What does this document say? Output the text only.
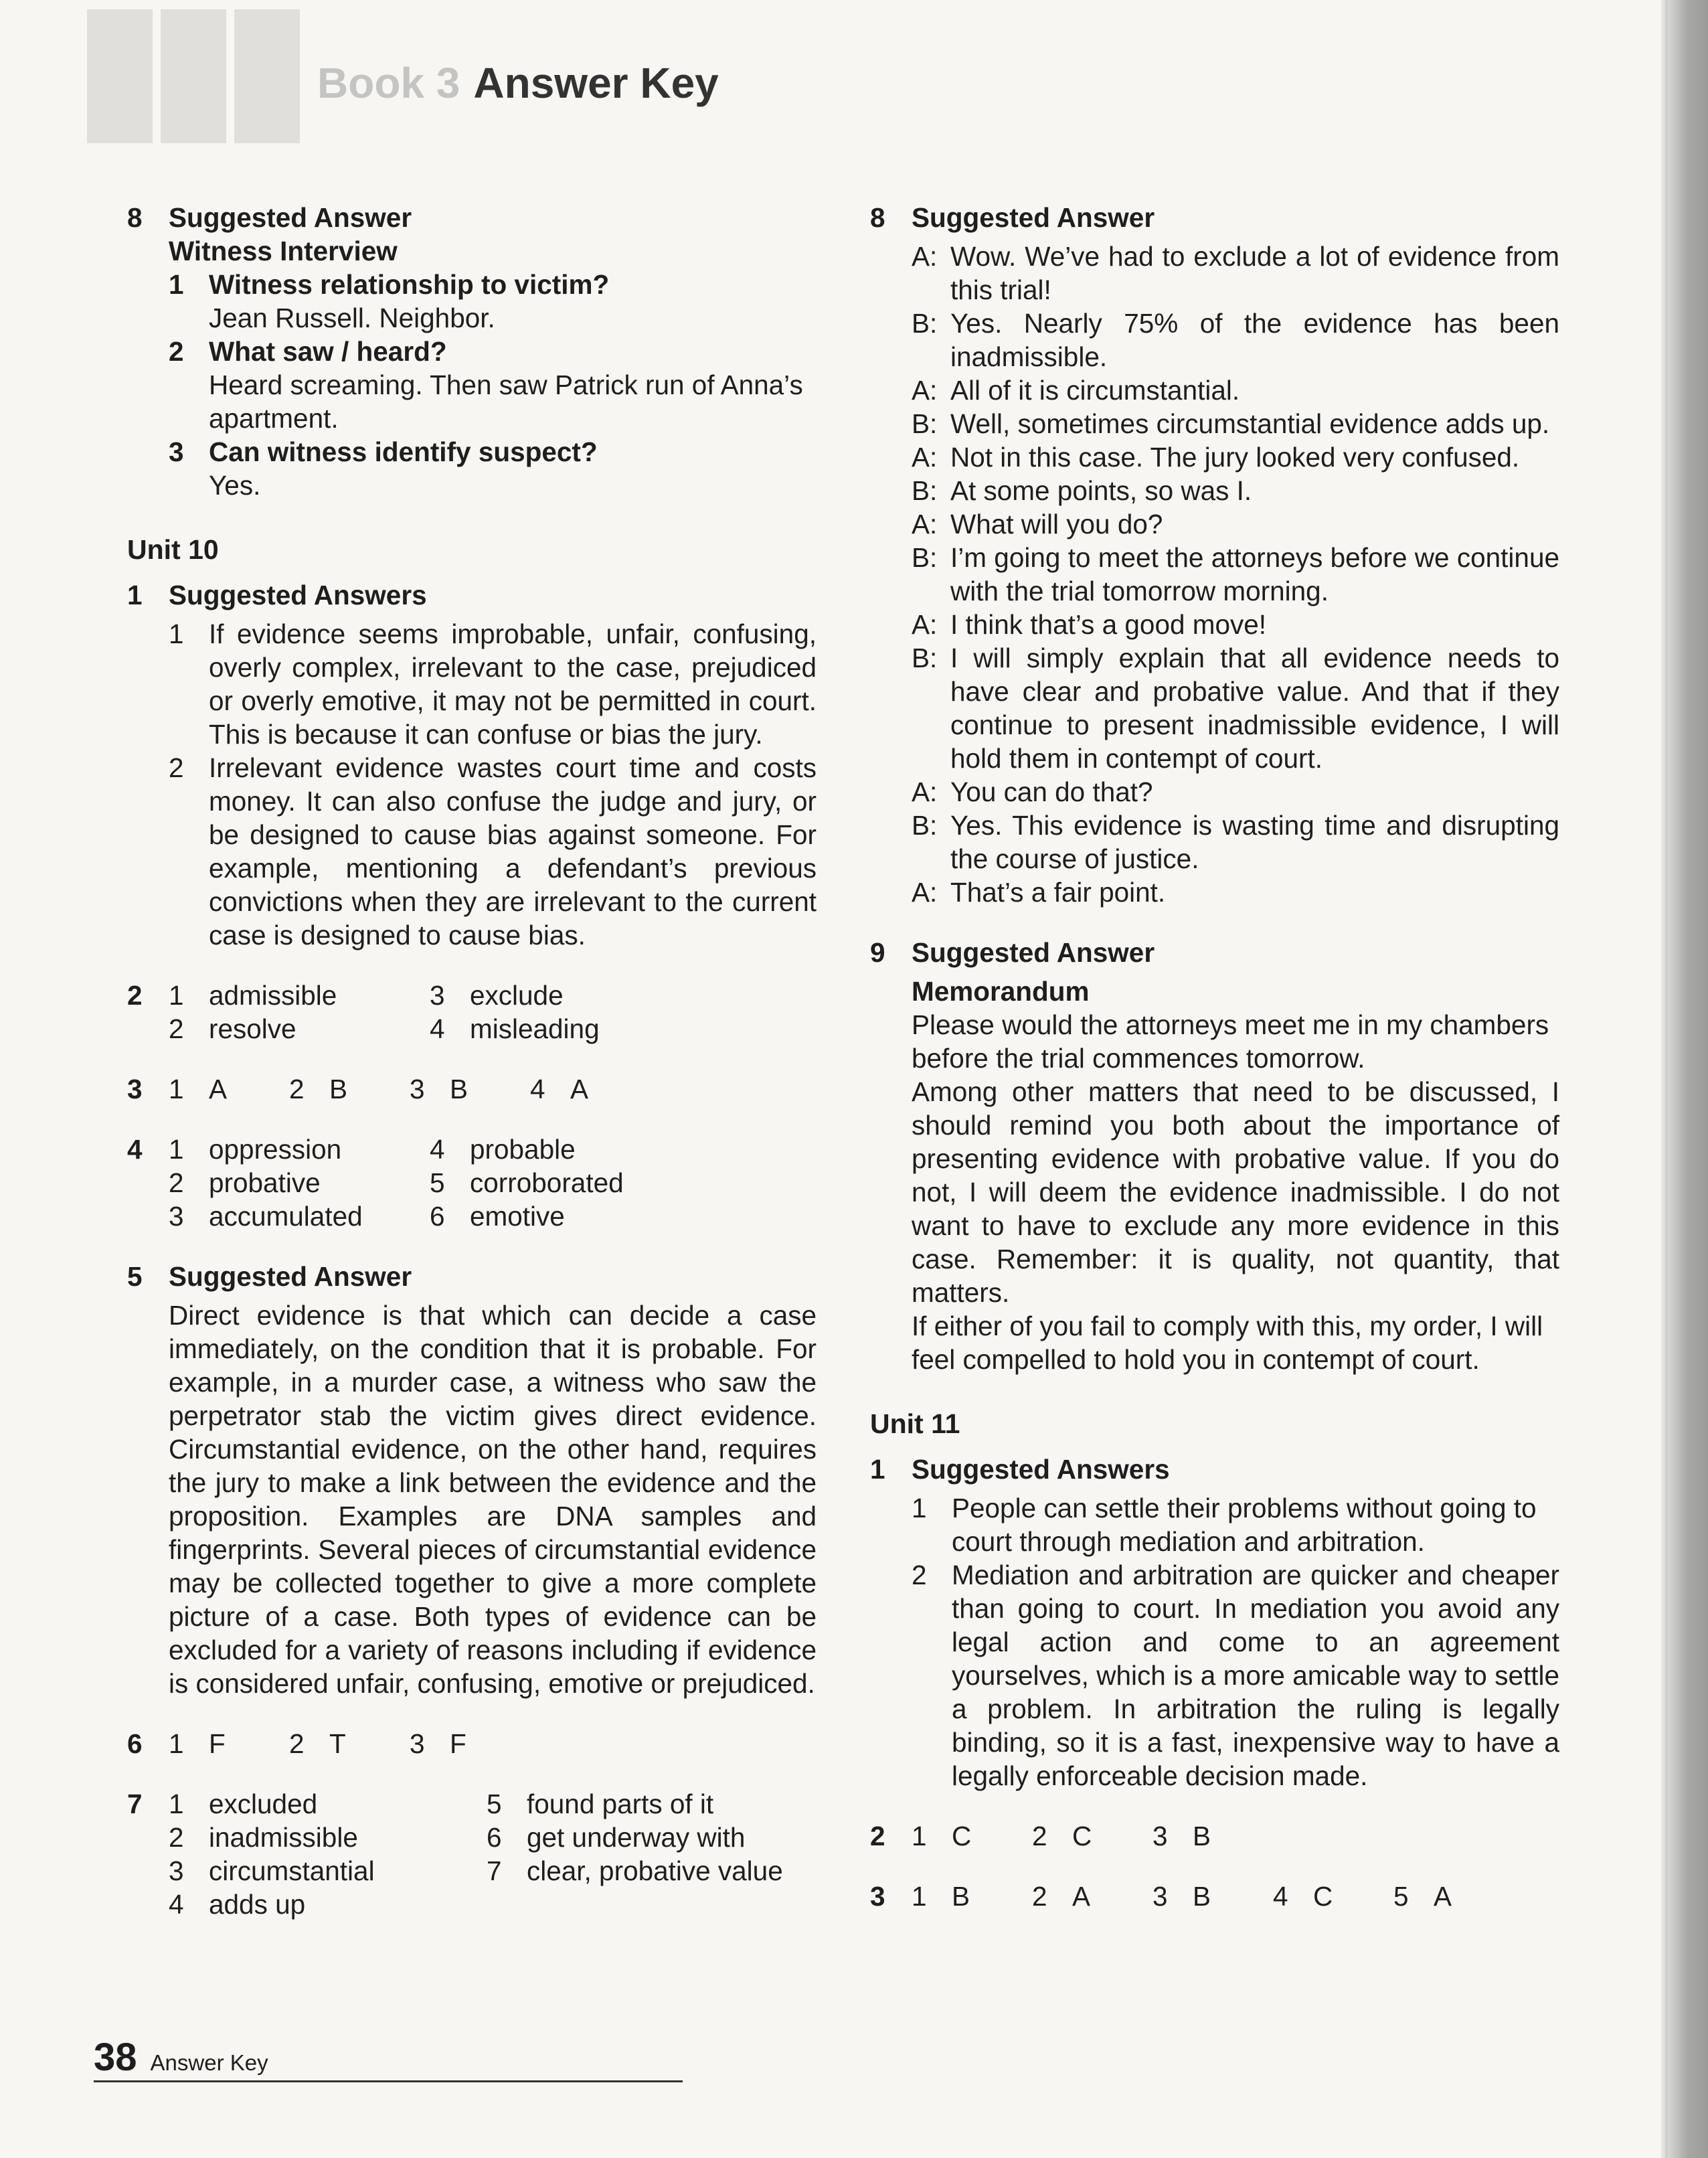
Book 3 Answer Key
8 Suggested Answer
Witness Interview
1 Witness relationship to victim?
Jean Russell. Neighbor.
2 What saw / heard?
Heard screaming. Then saw Patrick run of Anna’s apartment.
3 Can witness identify suspect?
Yes.
Unit 10
1 Suggested Answers
1 If evidence seems improbable, unfair, confusing, overly complex, irrelevant to the case, prejudiced or overly emotive, it may not be permitted in court. This is because it can confuse or bias the jury.
2 Irrelevant evidence wastes court time and costs money. It can also confuse the judge and jury, or be designed to cause bias against someone. For example, mentioning a defendant’s previous convictions when they are irrelevant to the current case is designed to cause bias.
2 1 admissible	3 exclude
2 resolve	4 misleading
3 1 A 2 B 3 B 4 A
4 1 oppression	4 probable
2 probative	5 corroborated
3 accumulated 6 emotive
5 Suggested Answer
Direct evidence is that which can decide a case immediately, on the condition that it is probable. For example, in a murder case, a witness who saw the perpetrator stab the victim gives direct evidence. Circumstantial evidence, on the other hand, requires the jury to make a link between the evidence and the proposition. Examples are DNA samples and fingerprints. Several pieces of circumstantial evidence may be collected together to give a more complete picture of a case. Both types of evidence can be excluded for a variety of reasons including if evidence is considered unfair, confusing, emotive or prejudiced.
6 1 F 2 T 3 F
7 1 excluded	5 found parts of it
2 inadmissible	6 get underway with
3 circumstantial	7 clear, probative value
4 adds up
8 Suggested Answer
A: Wow. We’ve had to exclude a lot of evidence from this trial!
B: Yes. Nearly 75% of the evidence has been inadmissible.
A: All of it is circumstantial.
B: Well, sometimes circumstantial evidence adds up.
A: Not in this case. The jury looked very confused.
B: At some points, so was I.
A: What will you do?
B: I’m going to meet the attorneys before we continue with the trial tomorrow morning.
A: I think that’s a good move!
B: I will simply explain that all evidence needs to have clear and probative value. And that if they continue to present inadmissible evidence, I will hold them in contempt of court.
A: You can do that?
B: Yes. This evidence is wasting time and disrupting the course of justice.
A: That’s a fair point.
9 Suggested Answer
Memorandum
Please would the attorneys meet me in my chambers before the trial commences tomorrow.
Among other matters that need to be discussed, I should remind you both about the importance of presenting evidence with probative value. If you do not, I will deem the evidence inadmissible. I do not want to have to exclude any more evidence in this case. Remember: it is quality, not quantity, that matters.
If either of you fail to comply with this, my order, I will feel compelled to hold you in contempt of court.
Unit 11
1 Suggested Answers
1 People can settle their problems without going to court through mediation and arbitration.
2 Mediation and arbitration are quicker and cheaper than going to court. In mediation you avoid any legal action and come to an agreement yourselves, which is a more amicable way to settle a problem. In arbitration the ruling is legally binding, so it is a fast, inexpensive way to have a legally enforceable decision made.
2 1 C 2 C 3 B
3 1 B 2 A 3 B 4 C 5 A
38 Answer Key
